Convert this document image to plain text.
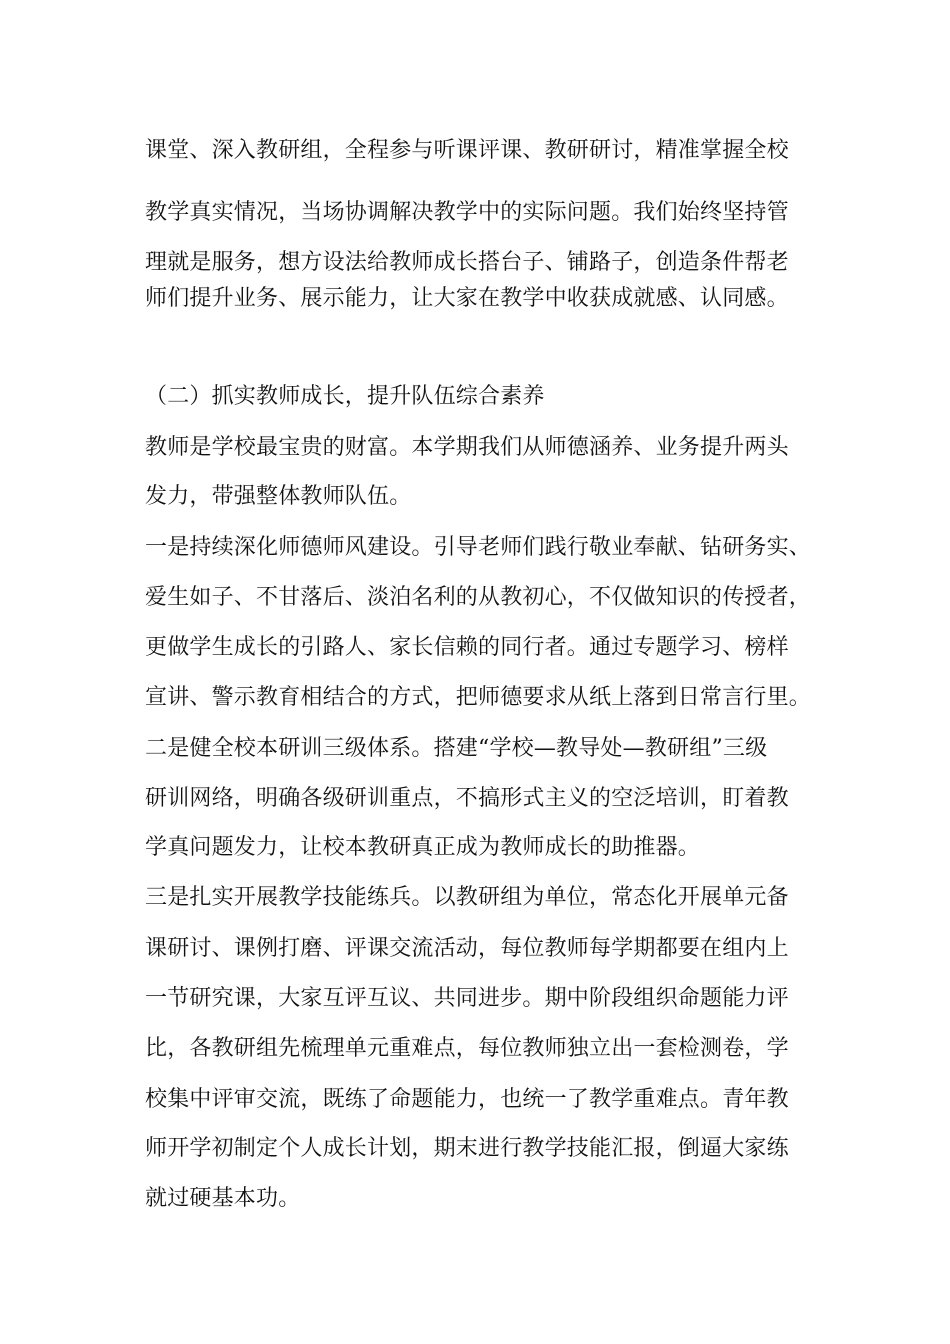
课堂、深入教研组，全程参与听课评课、教研研讨，精准掌握全校
教学真实情况，当场协调解决教学中的实际问题。我们始终坚持管
理就是服务，想方设法给教师成长搭台子、铺路子，创造条件帮老
师们提升业务、展示能力，让大家在教学中收获成就感、认同感。
（二）抓实教师成长，提升队伍综合素养
教师是学校最宝贵的财富。本学期我们从师德涵养、业务提升两头
发力，带强整体教师队伍。
一是持续深化师德师风建设。引导老师们践行敬业奉献、钻研务实、
爱生如子、不甘落后、淡泊名利的从教初心，不仅做知识的传授者，
更做学生成长的引路人、家长信赖的同行者。通过专题学习、榜样
宣讲、警示教育相结合的方式，把师德要求从纸上落到日常言行里。
二是健全校本研训三级体系。搭建“学校—教导处—教研组”三级
研训网络，明确各级研训重点，不搞形式主义的空泛培训，盯着教
学真问题发力，让校本教研真正成为教师成长的助推器。
三是扎实开展教学技能练兵。以教研组为单位，常态化开展单元备
课研讨、课例打磨、评课交流活动，每位教师每学期都要在组内上
一节研究课，大家互评互议、共同进步。期中阶段组织命题能力评
比，各教研组先梳理单元重难点，每位教师独立出一套检测卷，学
校集中评审交流，既练了命题能力，也统一了教学重难点。青年教
师开学初制定个人成长计划，期末进行教学技能汇报，倒逼大家练
就过硬基本功。
